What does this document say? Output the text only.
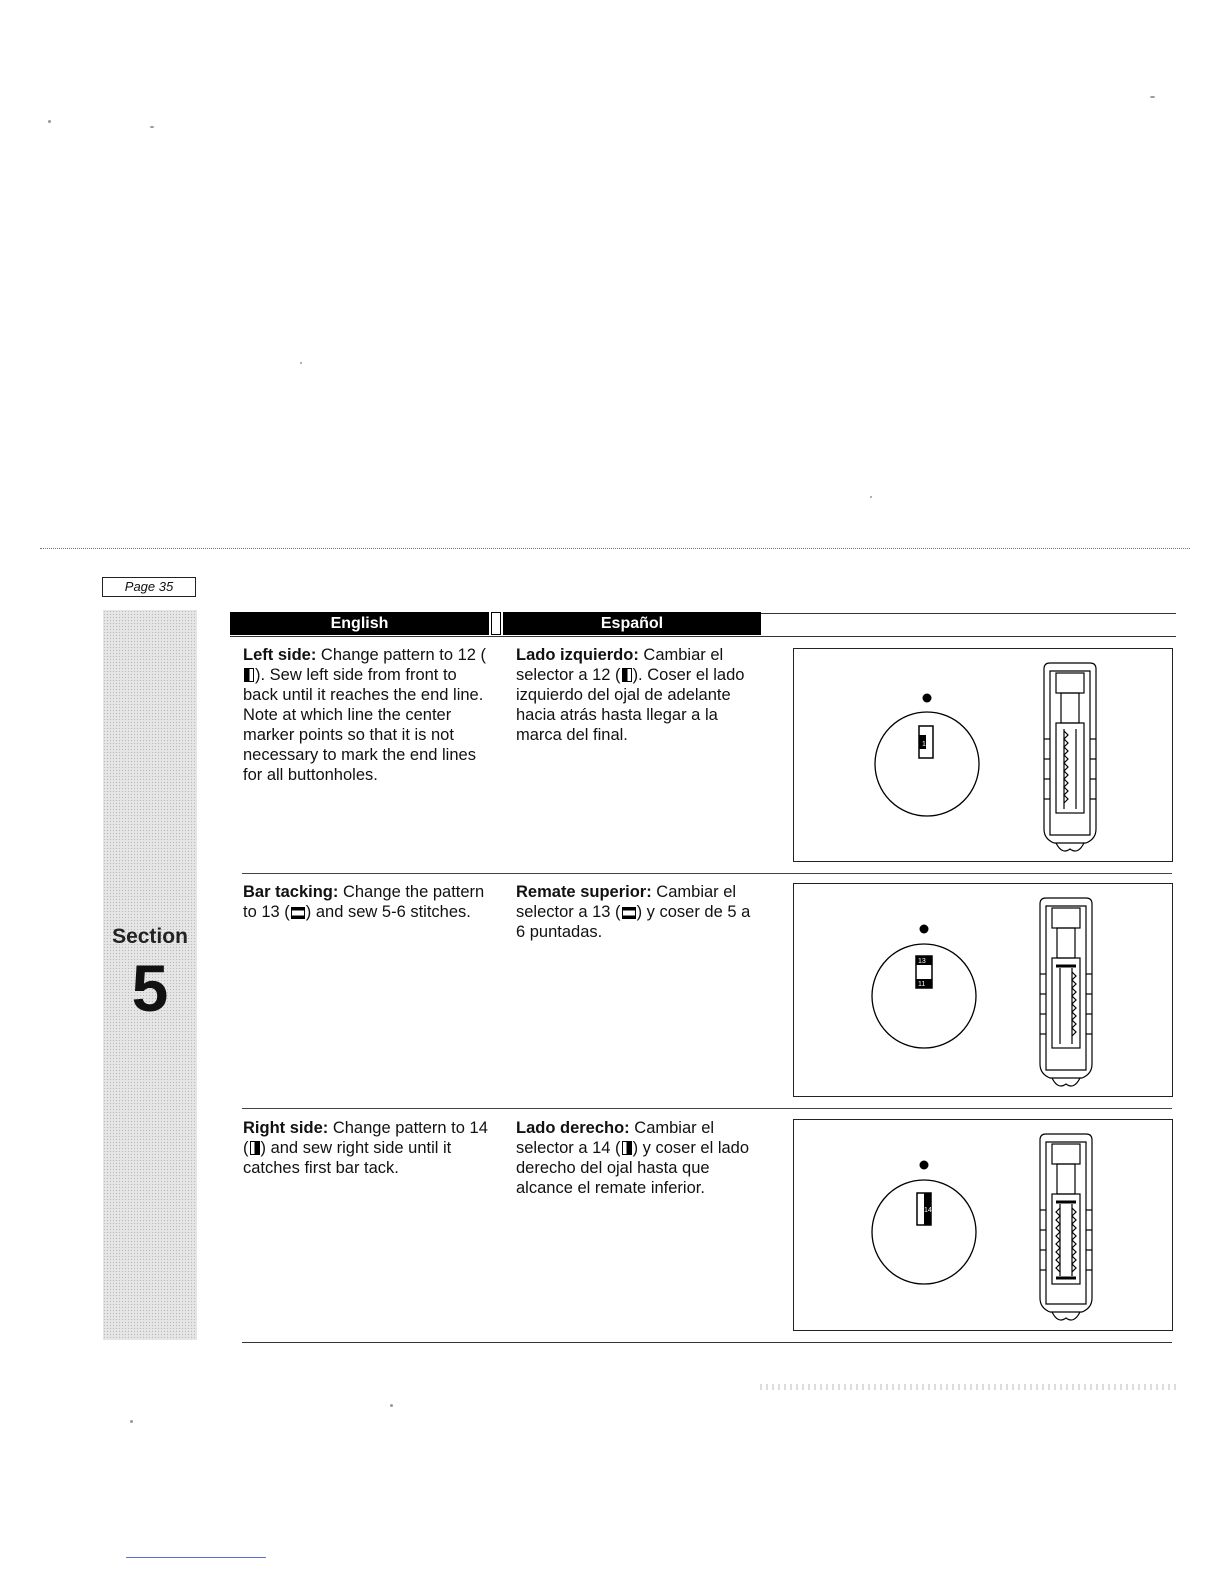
Page 35
Section
5
English	Español
Left side: Change pattern to 12 (). Sew left side from front to back until it reaches the end line.
Note at which line the center marker points so that it is not necessary to mark the end lines for all buttonholes.
Lado izquierdo: Cambiar el selector a 12 ( ). Coser el lado izquierdo del ojal de adelante hacia atrás hasta llegar a la marca del final.
12
Bar tacking: Change the pattern to 13 ( ) and sew 5-6 stitches.
Remate superior: Cambiar el selector a 13 ( ) y coser de 5 a 6 puntadas.
13
11
Right side: Change pattern to 14 ( ) and sew right side until it catches first bar tack.
Lado derecho: Cambiar el selector a 14 ( ) y coser el lado derecho del ojal hasta que alcance el remate inferior.
14
